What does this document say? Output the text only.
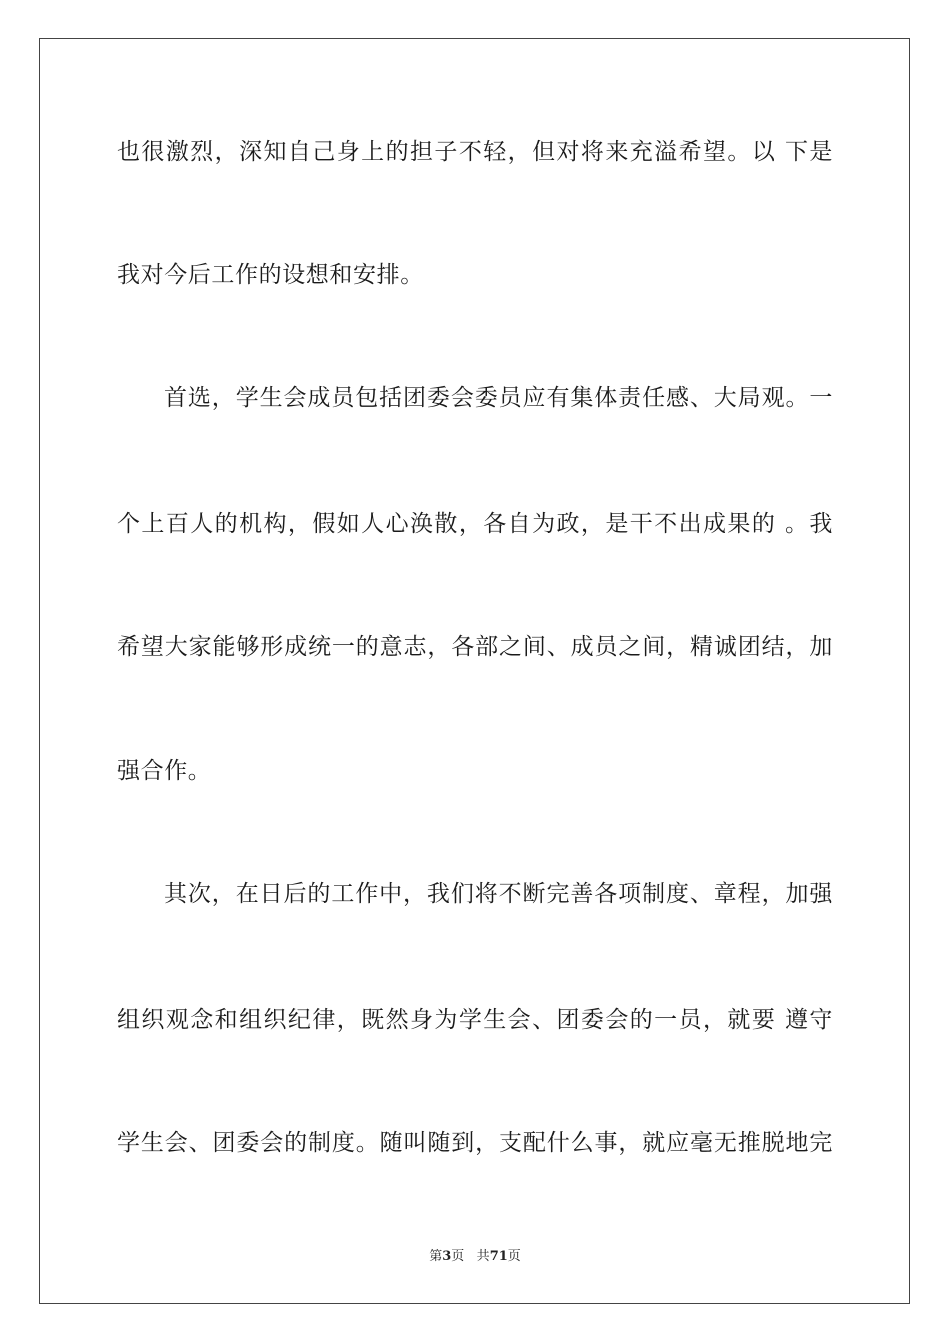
也很激烈，深知自己身上的担子不轻，但对将来充溢希望。以 下是
我对今后工作的设想和安排。
首选，学生会成员包括团委会委员应有集体责任感、大局观。一
个上百人的机构，假如人心涣散，各自为政，是干不出成果的 。我
希望大家能够形成统一的意志，各部之间、成员之间，精诚团结，加
强合作。
其次，在日后的工作中，我们将不断完善各项制度、章程，加强
组织观念和组织纪律，既然身为学生会、团委会的一员，就要 遵守
学生会、团委会的制度。随叫随到，支配什么事，就应毫无推脱地完
第3页 共71页
